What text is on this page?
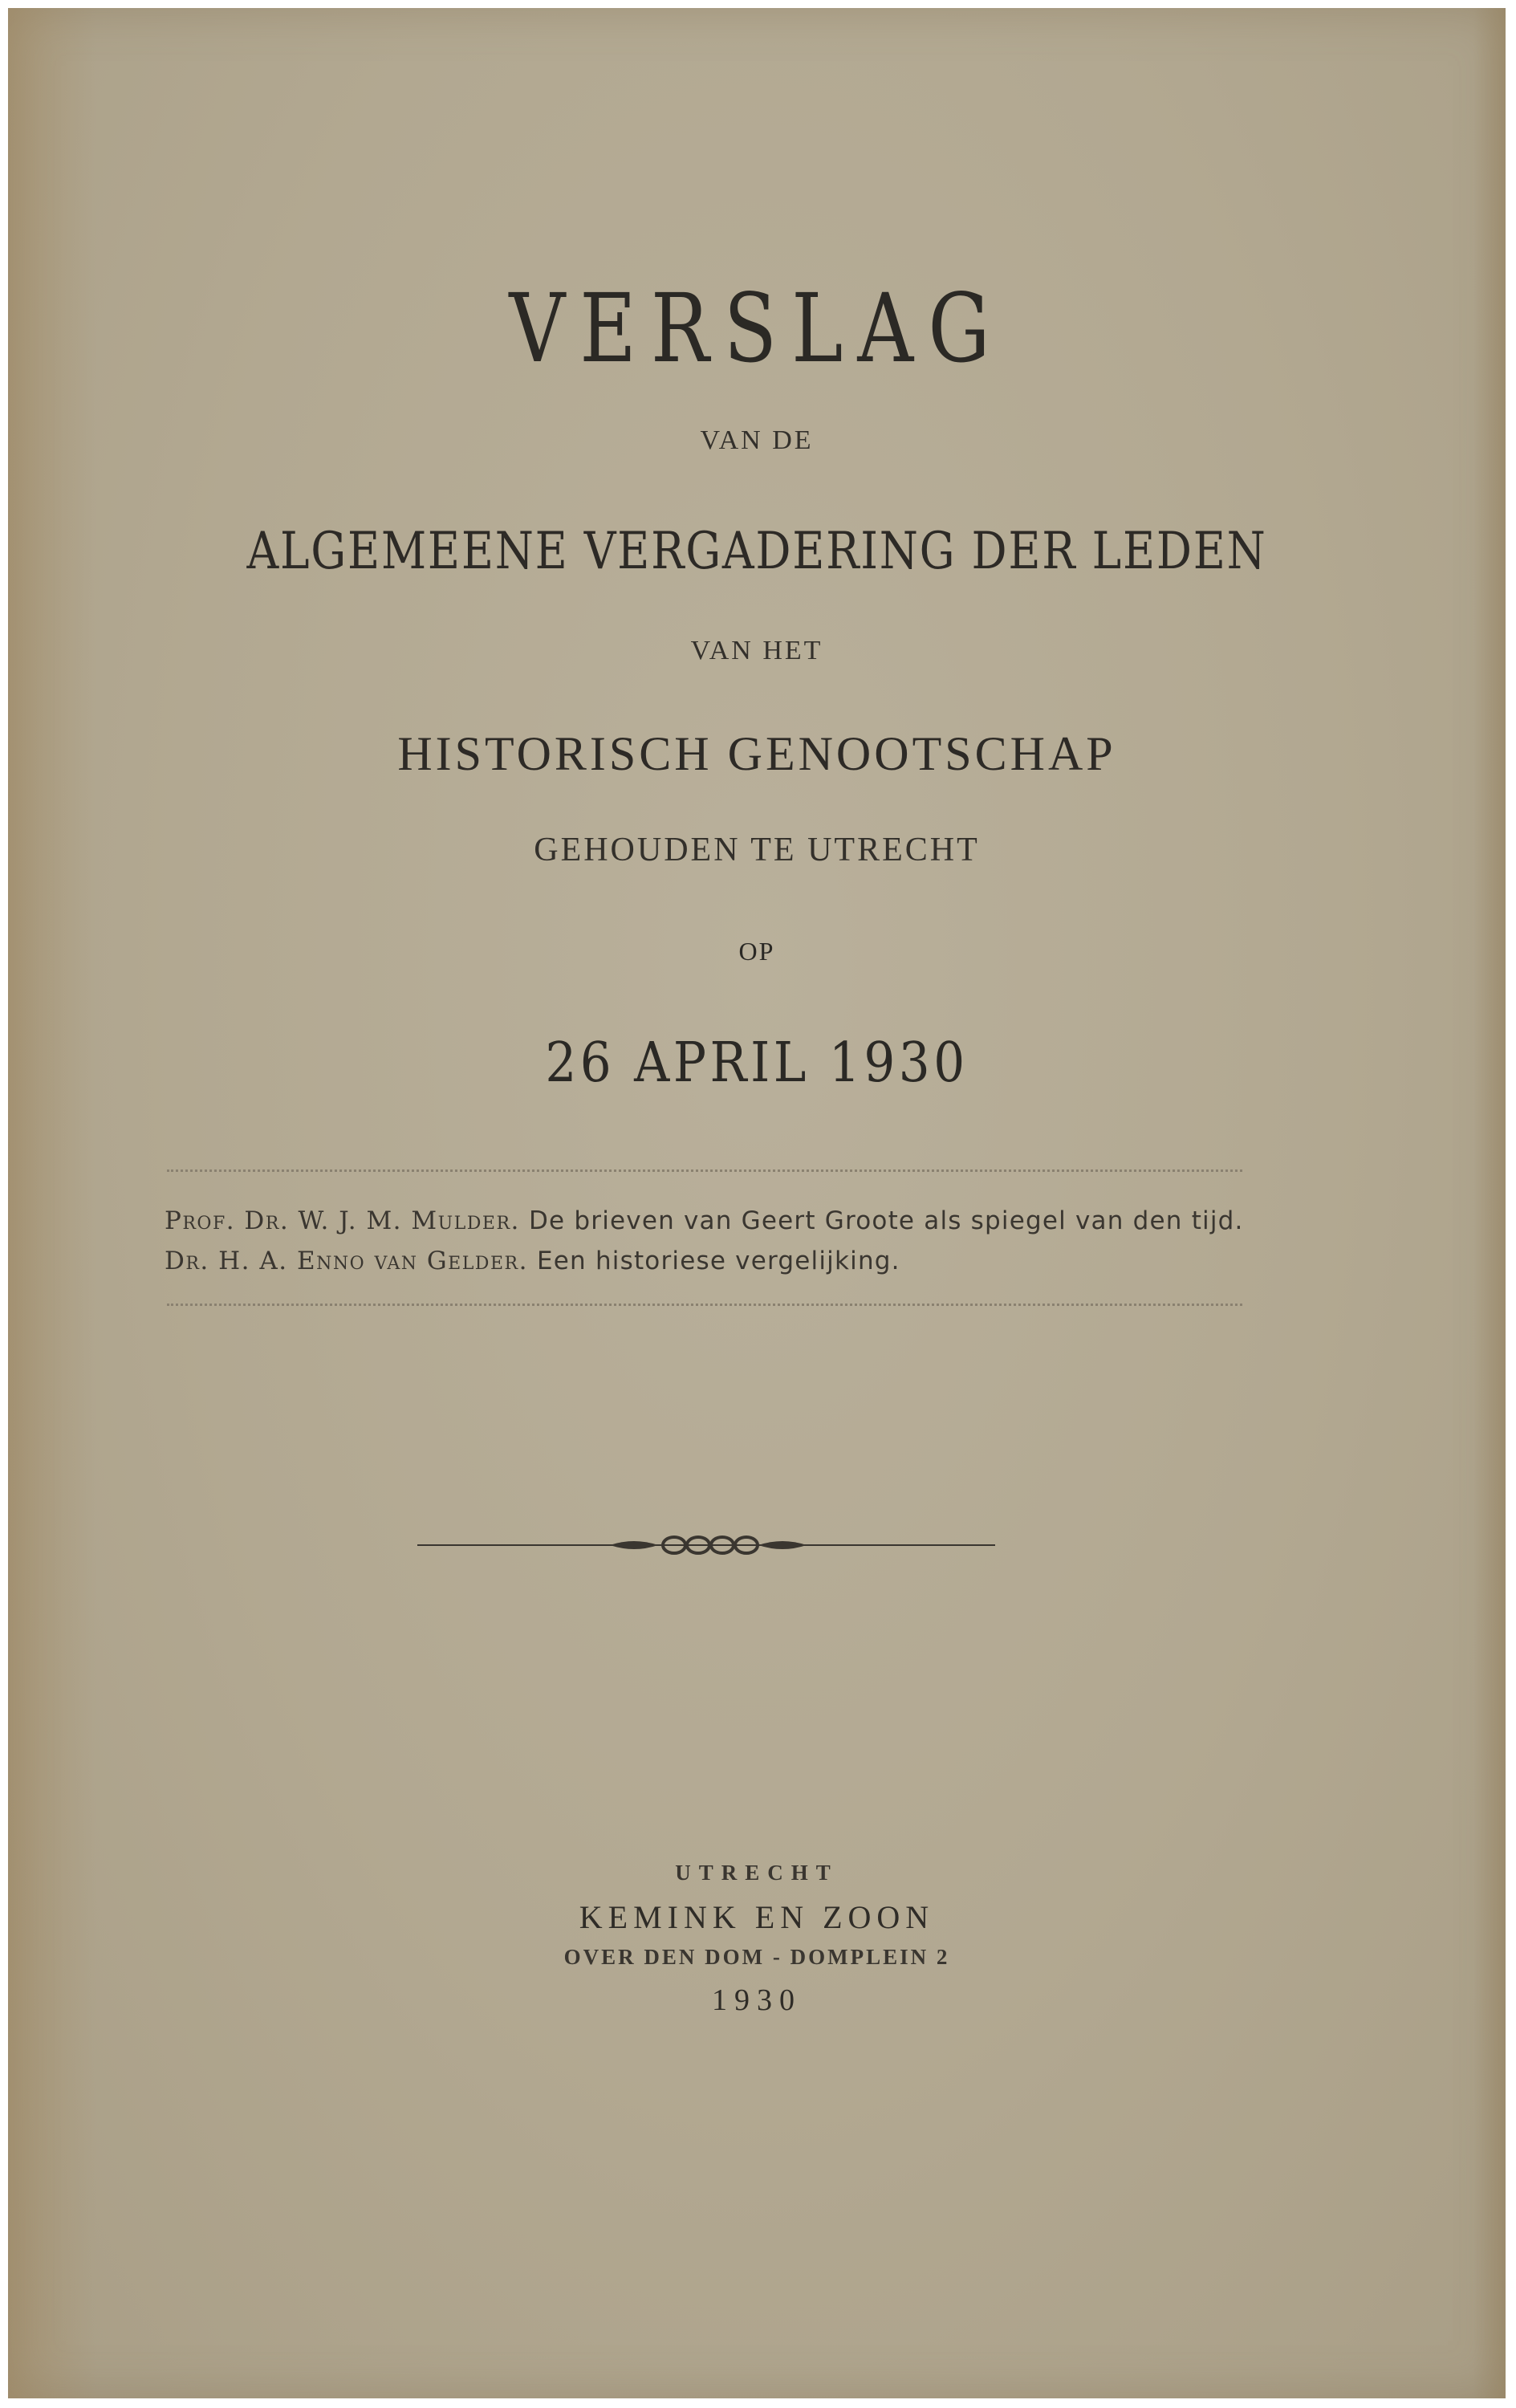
VERSLAG
VAN DE
ALGEMEENE VERGADERING DER LEDEN
VAN HET
HISTORISCH GENOOTSCHAP
GEHOUDEN TE UTRECHT
OP
26 APRIL 1930
Prof. Dr. W. J. M. Mulder. De brieven van Geert Groote als spiegel van den tijd.
Dr. H. A. Enno van Gelder. Een historiese vergelijking.
UTRECHT
KEMINK EN ZOON
OVER DEN DOM - DOMPLEIN 2
1930
